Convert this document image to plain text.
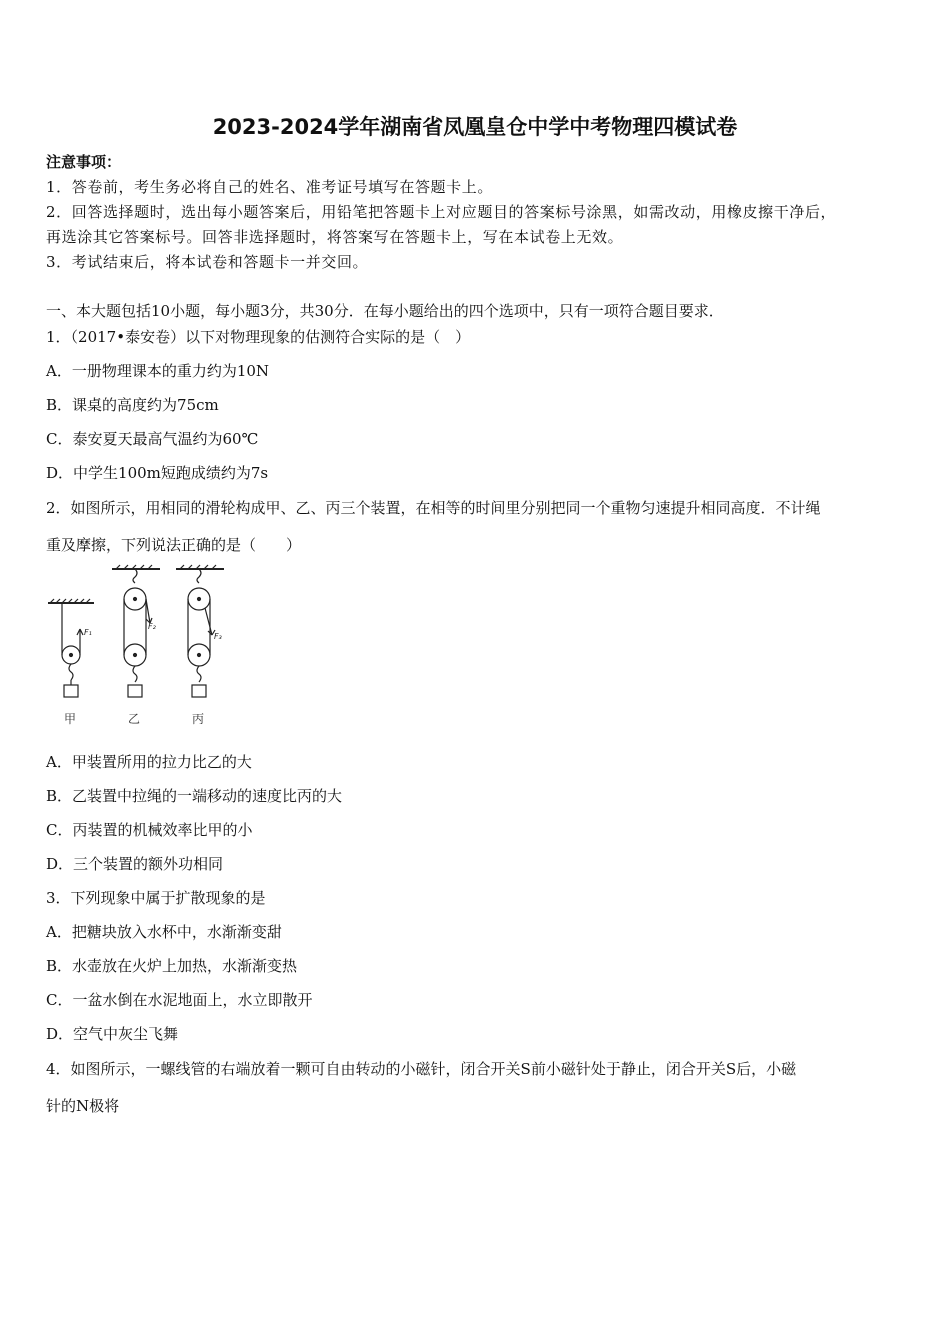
2023-2024学年湖南省凤凰皇仓中学中考物理四模试卷
注意事项：
1．答卷前，考生务必将自己的姓名、准考证号填写在答题卡上。
2．回答选择题时，选出每小题答案后，用铅笔把答题卡上对应题目的答案标号涂黑，如需改动，用橡皮擦干净后，
再选涂其它答案标号。回答非选择题时，将答案写在答题卡上，写在本试卷上无效。
3．考试结束后，将本试卷和答题卡一并交回。
一、本大题包括10小题，每小题3分，共30分．在每小题给出的四个选项中，只有一项符合题目要求．
1．（2017•泰安卷）以下对物理现象的估测符合实际的是（　）
A．一册物理课本的重力约为10N
B．课桌的高度约为75cm
C．泰安夏天最高气温约为60℃
D．中学生100m短跑成绩约为7s
2．如图所示，用相同的滑轮构成甲、乙、丙三个装置，在相等的时间里分别把同一个重物匀速提升相同高度．不计绳
重及摩擦，下列说法正确的是（　　）
F₁
F₂
F₃
甲	乙	丙
A．甲装置所用的拉力比乙的大
B．乙装置中拉绳的一端移动的速度比丙的大
C．丙装置的机械效率比甲的小
D．三个装置的额外功相同
3．下列现象中属于扩散现象的是
A．把糖块放入水杯中，水渐渐变甜
B．水壶放在火炉上加热，水渐渐变热
C．一盆水倒在水泥地面上，水立即散开
D．空气中灰尘飞舞
4．如图所示，一螺线管的右端放着一颗可自由转动的小磁针，闭合开关S前小磁针处于静止，闭合开关S后，小磁
针的N极将
